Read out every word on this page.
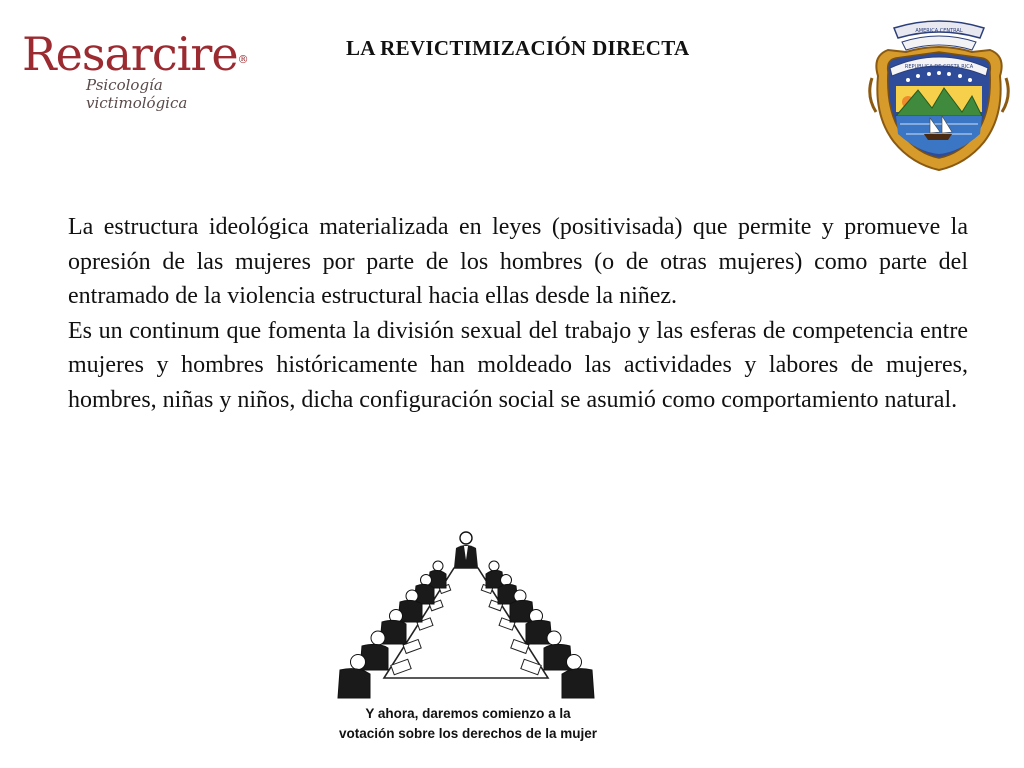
Resarcire®
Psicología victimológica
LA REVICTIMIZACIÓN DIRECTA
AMERICA CENTRAL
REPUBLICA DE COSTA RICA

La estructura ideológica materializada en leyes (positivisada) que permite y promueve la opresión de las mujeres por parte de los hombres (o de otras mujeres) como parte del entramado de la violencia estructural hacia ellas desde la niñez.

Es un continum que fomenta la división sexual del trabajo y las esferas de competencia entre mujeres y hombres históricamente han moldeado las actividades y labores de mujeres, hombres, niñas y niños, dicha configuración social se asumió como comportamiento natural.

Y ahora, daremos comienzo a la
votación sobre los derechos de la mujer
